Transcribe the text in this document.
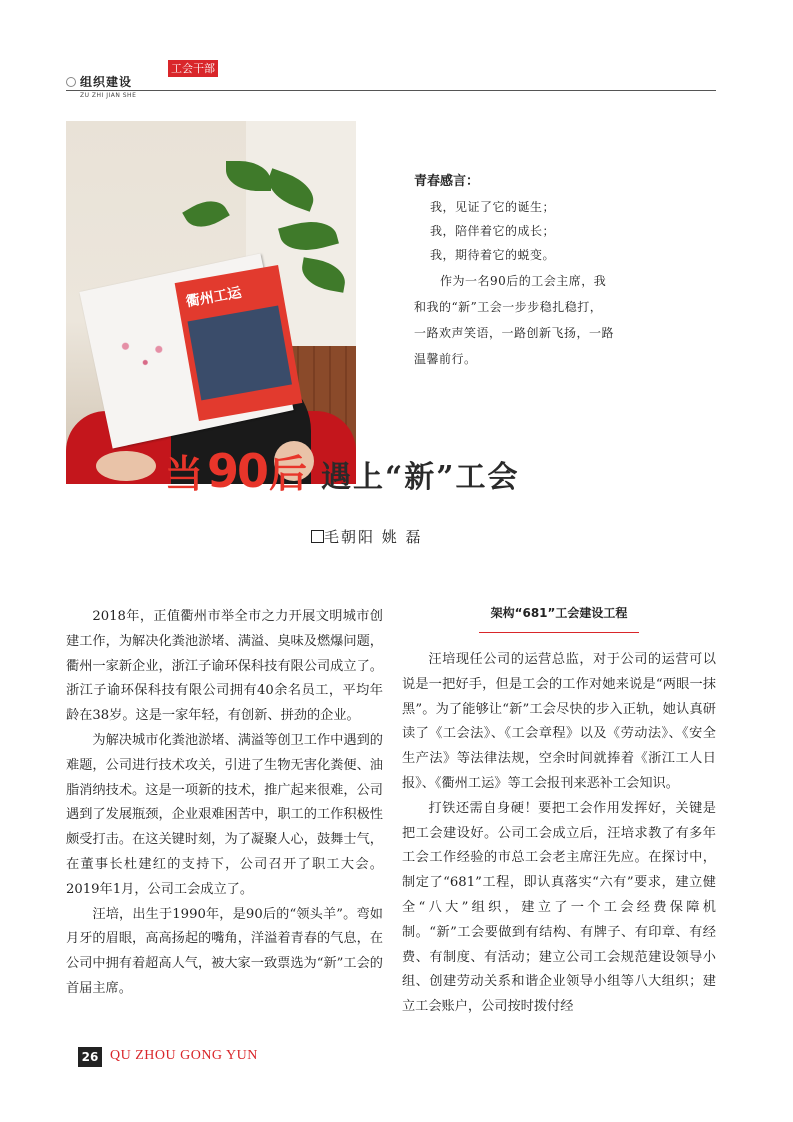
工会干部
组织建设
ZU ZHI JIAN SHE
衢州工运
青春感言：
我，见证了它的诞生；
我，陪伴着它的成长；
我，期待着它的蜕变。
作为一名90后的工会主席，我
和我的“新”工会一步步稳扎稳打，
一路欢声笑语，一路创新飞扬，一路
温馨前行。
当90后 遇上“新”工会
毛朝阳 姚 磊

2018年，正值衢州市举全市之力开展文明城市创建工作，为解决化粪池淤堵、满溢、臭味及燃爆问题，衢州一家新企业，浙江子谕环保科技有限公司成立了。浙江子谕环保科技有限公司拥有40余名员工，平均年龄在38岁。这是一家年轻，有创新、拼劲的企业。

为解决城市化粪池淤堵、满溢等创卫工作中遇到的难题，公司进行技术攻关，引进了生物无害化粪便、油脂消纳技术。这是一项新的技术，推广起来很难，公司遇到了发展瓶颈，企业艰难困苦中，职工的工作积极性颇受打击。在这关键时刻，为了凝聚人心，鼓舞士气，在董事长杜建红的支持下，公司召开了职工大会。2019年1月，公司工会成立了。

汪培，出生于1990年，是90后的“领头羊”。弯如月牙的眉眼，高高扬起的嘴角，洋溢着青春的气息，在公司中拥有着超高人气，被大家一致票选为“新”工会的首届主席。

架构“681”工会建设工程

汪培现任公司的运营总监，对于公司的运营可以说是一把好手，但是工会的工作对她来说是“两眼一抹黑”。为了能够让“新”工会尽快的步入正轨，她认真研读了《工会法》、《工会章程》以及《劳动法》、《安全生产法》等法律法规，空余时间就捧着《浙江工人日报》、《衢州工运》等工会报刊来恶补工会知识。

打铁还需自身硬！要把工会作用发挥好，关键是把工会建设好。公司工会成立后，汪培求教了有多年工会工作经验的市总工会老主席汪先应。在探讨中，制定了“681”工程，即认真落实“六有”要求，建立健全“八大”组织，建立了一个工会经费保障机制。“新”工会要做到有结构、有牌子、有印章、有经费、有制度、有活动；建立公司工会规范建设领导小组、创建劳动关系和谐企业领导小组等八大组织；建立工会账户，公司按时拨付经

26 QU ZHOU GONG YUN
